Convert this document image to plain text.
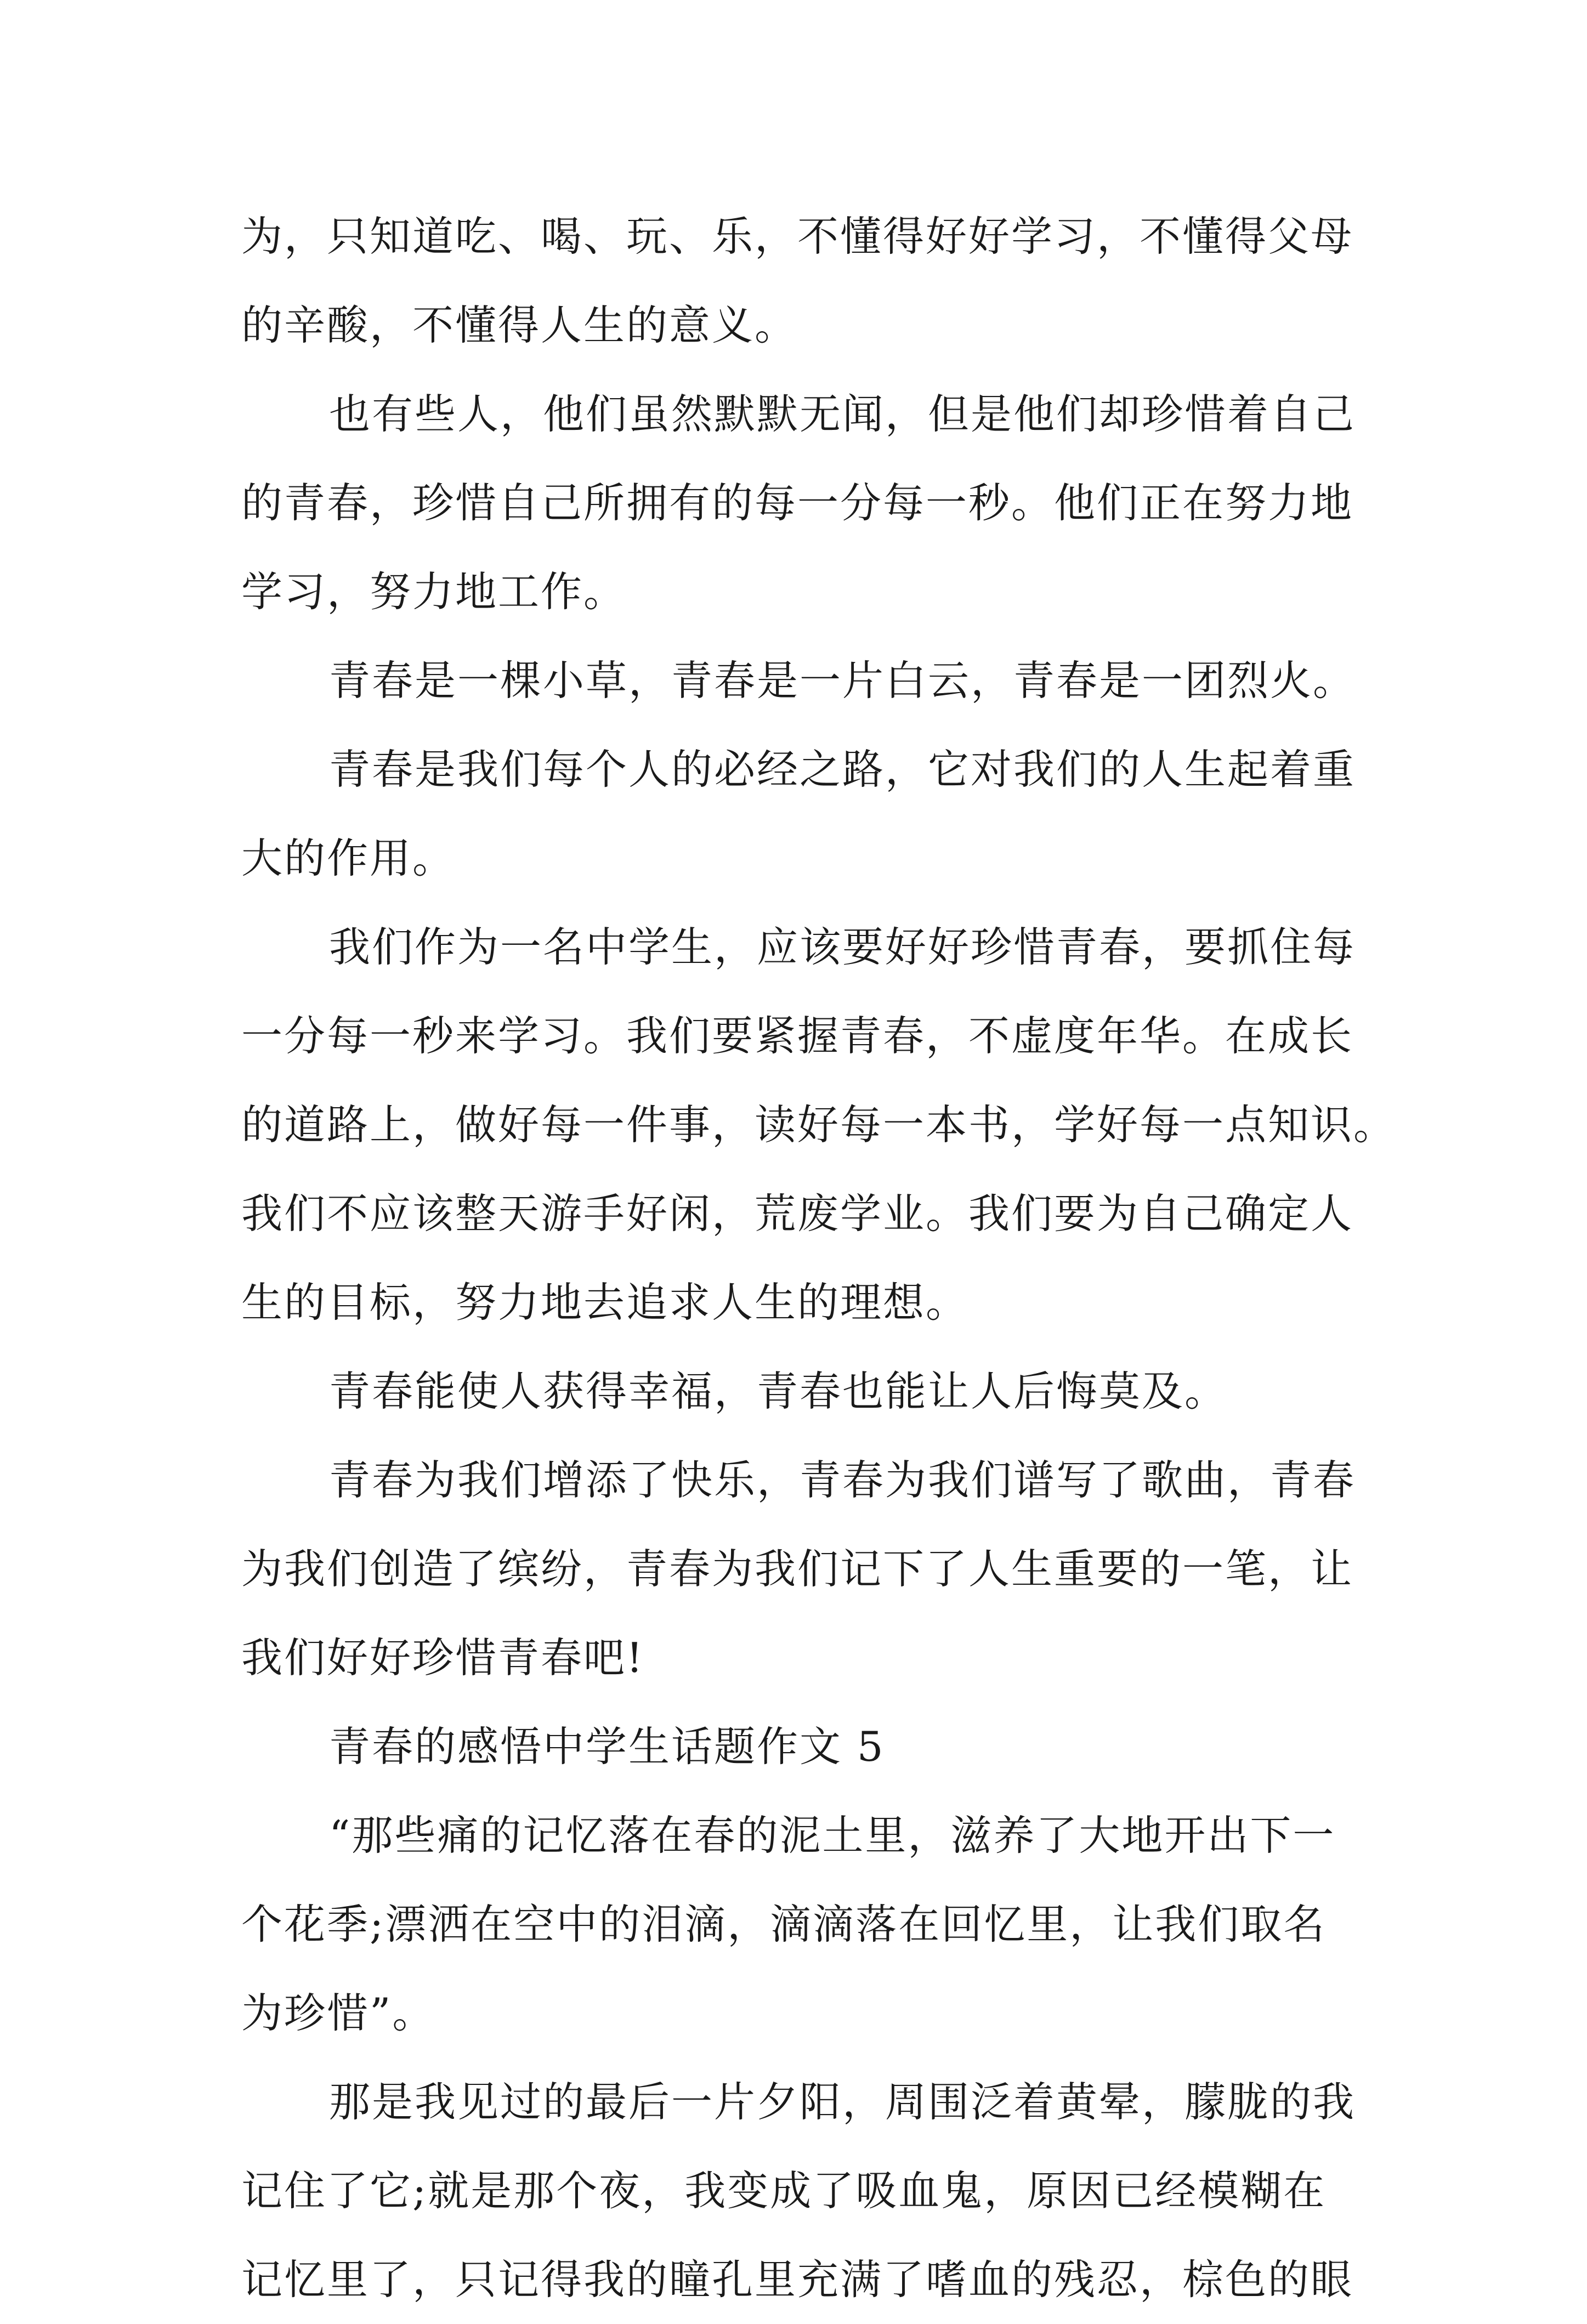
为，只知道吃、喝、玩、乐，不懂得好好学习，不懂得父母
的辛酸，不懂得人生的意义。
也有些人，他们虽然默默无闻，但是他们却珍惜着自己
的青春，珍惜自己所拥有的每一分每一秒。他们正在努力地
学习，努力地工作。
青春是一棵小草，青春是一片白云，青春是一团烈火。
青春是我们每个人的必经之路，它对我们的人生起着重
大的作用。
我们作为一名中学生，应该要好好珍惜青春，要抓住每
一分每一秒来学习。我们要紧握青春，不虚度年华。在成长
的道路上，做好每一件事，读好每一本书，学好每一点知识。
我们不应该整天游手好闲，荒废学业。我们要为自己确定人
生的目标，努力地去追求人生的理想。
青春能使人获得幸福，青春也能让人后悔莫及。
青春为我们增添了快乐，青春为我们谱写了歌曲，青春
为我们创造了缤纷，青春为我们记下了人生重要的一笔，让
我们好好珍惜青春吧!
青春的感悟中学生话题作文 5
“那些痛的记忆落在春的泥土里，滋养了大地开出下一
个花季;漂洒在空中的泪滴，滴滴落在回忆里，让我们取名
为珍惜”。
那是我见过的最后一片夕阳，周围泛着黄晕，朦胧的我
记住了它;就是那个夜，我变成了吸血鬼，原因已经模糊在
记忆里了，只记得我的瞳孔里充满了嗜血的残忍，棕色的眼
